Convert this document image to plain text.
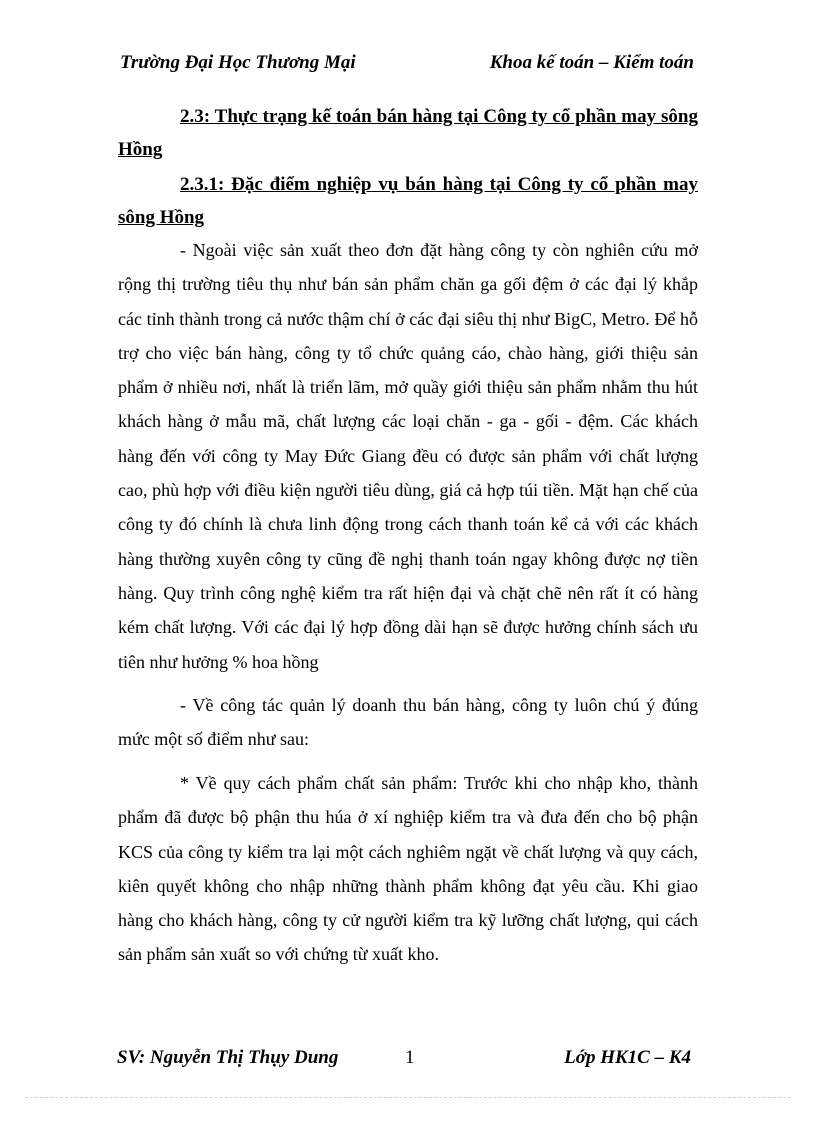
Trường Đại Học Thương Mại	Khoa kế toán – Kiểm toán
2.3: Thực trạng kế toán bán hàng tại Công ty cổ phần may sông Hồng
2.3.1: Đặc điểm nghiệp vụ bán hàng tại Công ty cổ phần may sông Hồng
- Ngoài việc sản xuất theo đơn đặt hàng công ty còn nghiên cứu mở rộng thị trường tiêu thụ như bán sản phẩm chăn ga gối đệm ở các đại lý khắp các tỉnh thành trong cả nước thậm chí ở các đại siêu thị như BigC, Metro. Để hỗ trợ cho việc bán hàng, công ty tổ chức quảng cáo, chào hàng, giới thiệu sản phẩm ở nhiều nơi, nhất là triển lãm, mở quầy giới thiệu sản phẩm nhằm thu hút khách hàng ở mẫu mã, chất lượng các loại chăn - ga - gối - đệm. Các khách hàng đến với công ty May Đức Giang đều có được sản phẩm với chất lượng cao, phù hợp với điều kiện người tiêu dùng, giá cả hợp túi tiền. Mặt hạn chế của công ty đó chính là chưa linh động trong cách thanh toán kể cả với các khách hàng thường xuyên công ty cũng đề nghị thanh toán ngay không được nợ tiền hàng. Quy trình công nghệ kiểm tra rất hiện đại và chặt chẽ nên rất ít có hàng kém chất lượng. Với các đại lý hợp đồng dài hạn sẽ được hưởng chính sách ưu tiên như hưởng % hoa hồng
- Về công tác quản lý doanh thu bán hàng, công ty luôn chú ý đúng mức một số điểm như sau:
* Về quy cách phẩm chất sản phẩm: Trước khi cho nhập kho, thành phẩm đã được bộ phận thu húa ở xí nghiệp kiểm tra và đưa đến cho bộ phận KCS của công ty kiểm tra lại một cách nghiêm ngặt về chất lượng và quy cách, kiên quyết không cho nhập những thành phẩm không đạt yêu cầu. Khi giao hàng cho khách hàng, công ty cử người kiểm tra kỹ lưỡng chất lượng, qui cách sản phẩm sản xuất so với chứng từ xuất kho.
SV: Nguyễn Thị Thụy Dung	1	Lớp HK1C – K4
